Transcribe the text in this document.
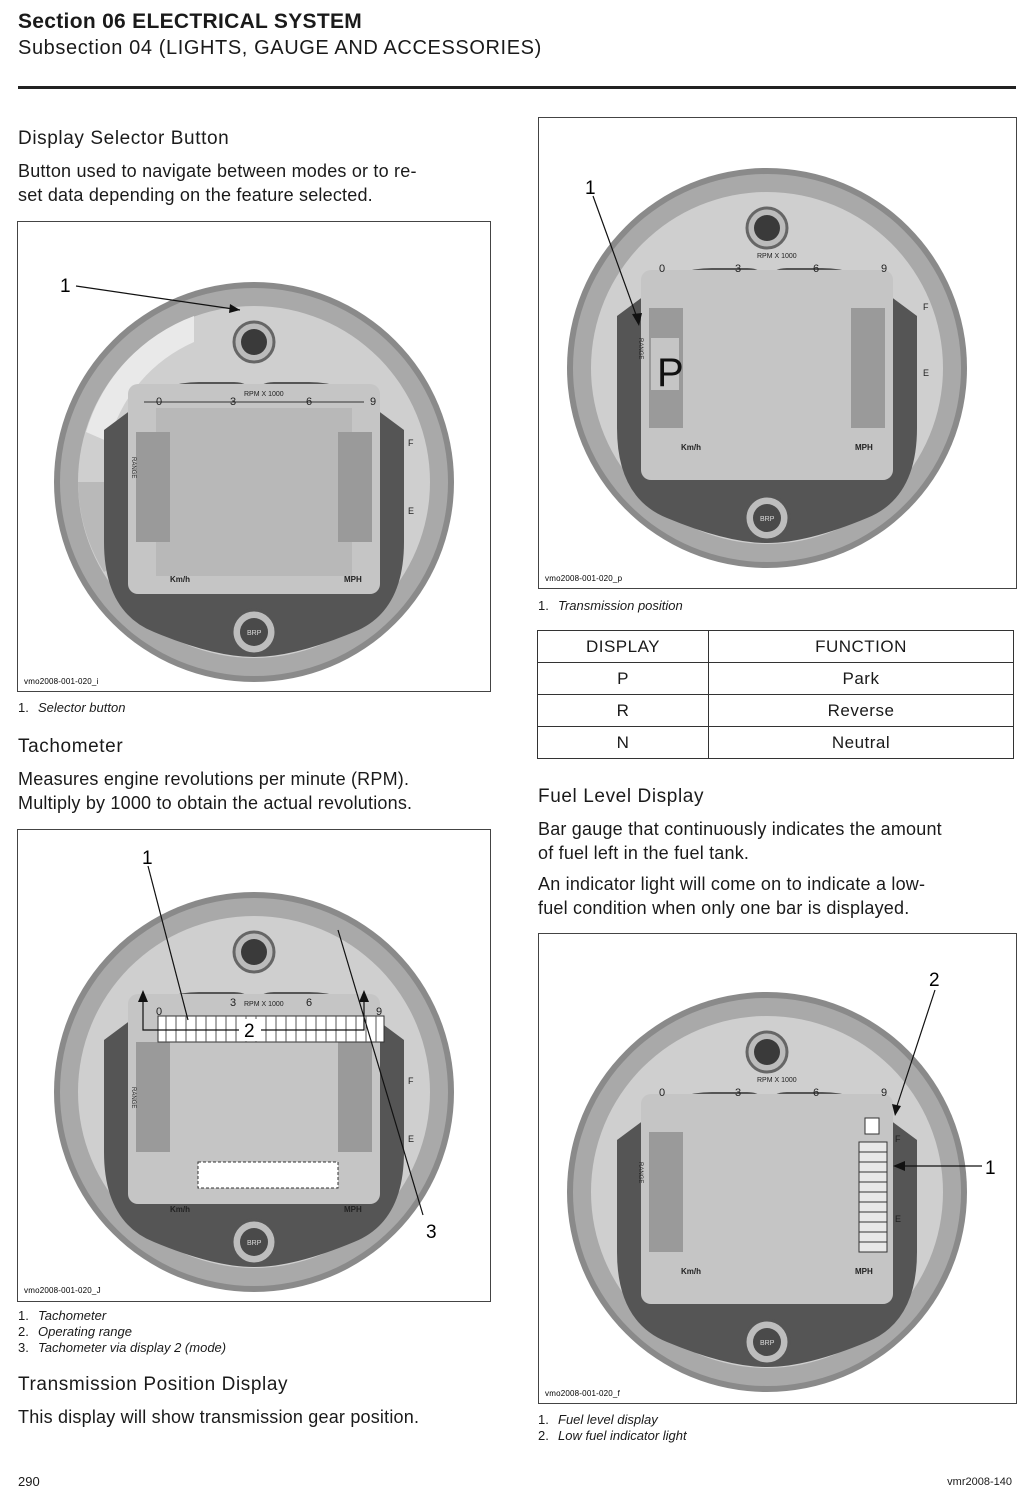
Section 06 ELECTRICAL SYSTEM
Subsection 04 (LIGHTS, GAUGE AND ACCESSORIES)
Display Selector Button
Button used to navigate between modes or to re-
set data depending on the feature selected.
RPM X 1000
0	3	6	9
RANGE
F
E
Km/h	MPH
BRP
1
vmo2008-001-020_i
1. Selector button
Tachometer
Measures engine revolutions per minute (RPM).
Multiply by 1000 to obtain the actual revolutions.
RPM X 1000
0
3	6
9
RANGE
F
E
Km/h	MPH
BRP
1
2
3
vmo2008-001-020_J
1. Tachometer
2. Operating range
3. Tachometer via display 2 (mode)
Transmission Position Display
This display will show transmission gear position.
RPM X 1000
0	3	6	9
RANGE
P
F
E
Km/h	MPH
BRP
1
vmo2008-001-020_p
1. Transmission position
DISPLAY	FUNCTION
P	Park
R	Reverse
N	Neutral
Fuel Level Display
Bar gauge that continuously indicates the amount
of fuel left in the fuel tank.
An indicator light will come on to indicate a low-
fuel condition when only one bar is displayed.
RPM X 1000
0	3	6	9
RANGE
F
E
Km/h	MPH
BRP
2
1
vmo2008-001-020_f
1. Fuel level display
2. Low fuel indicator light
290	vmr2008-140
